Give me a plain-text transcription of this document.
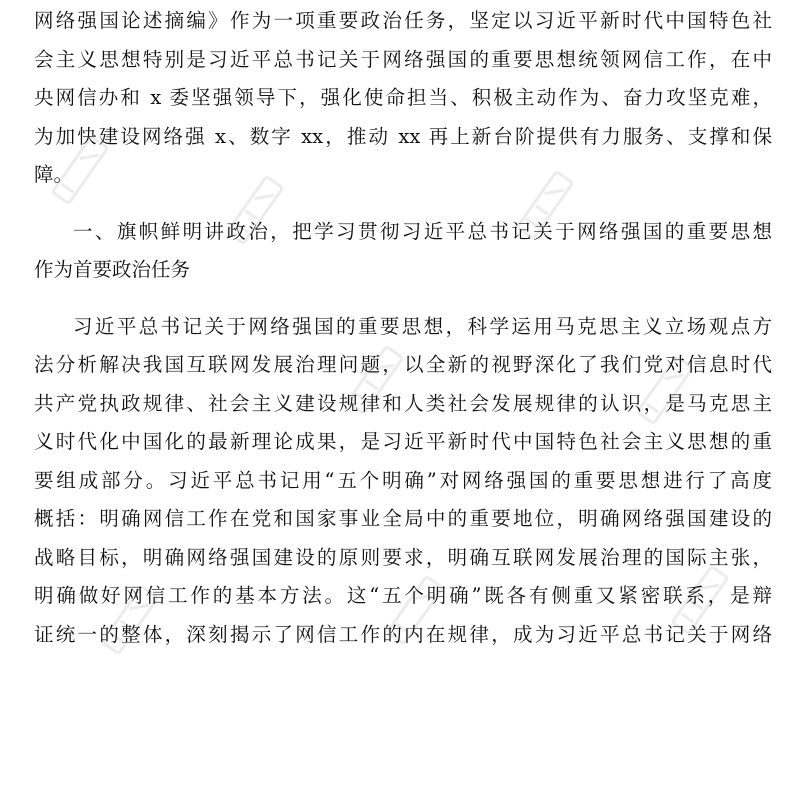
网络强国论述摘编》作为一项重要政治任务，坚定以习近平新时代中国特色社
会主义思想特别是习近平总书记关于网络强国的重要思想统领网信工作，在中
央网信办和 x 委坚强领导下，强化使命担当、积极主动作为、奋力攻坚克难，
为加快建设网络强 x、数字 xx，推动 xx 再上新台阶提供有力服务、支撑和保
障。
一、旗帜鲜明讲政治，把学习贯彻习近平总书记关于网络强国的重要思想
作为首要政治任务
习近平总书记关于网络强国的重要思想，科学运用马克思主义立场观点方
法分析解决我国互联网发展治理问题，以全新的视野深化了我们党对信息时代
共产党执政规律、社会主义建设规律和人类社会发展规律的认识，是马克思主
义时代化中国化的最新理论成果，是习近平新时代中国特色社会主义思想的重
要组成部分。习近平总书记用“五个明确”对网络强国的重要思想进行了高度
概括：明确网信工作在党和国家事业全局中的重要地位，明确网络强国建设的
战略目标，明确网络强国建设的原则要求，明确互联网发展治理的国际主张，
明确做好网信工作的基本方法。这“五个明确”既各有侧重又紧密联系，是辩
证统一的整体，深刻揭示了网信工作的内在规律，成为习近平总书记关于网络
